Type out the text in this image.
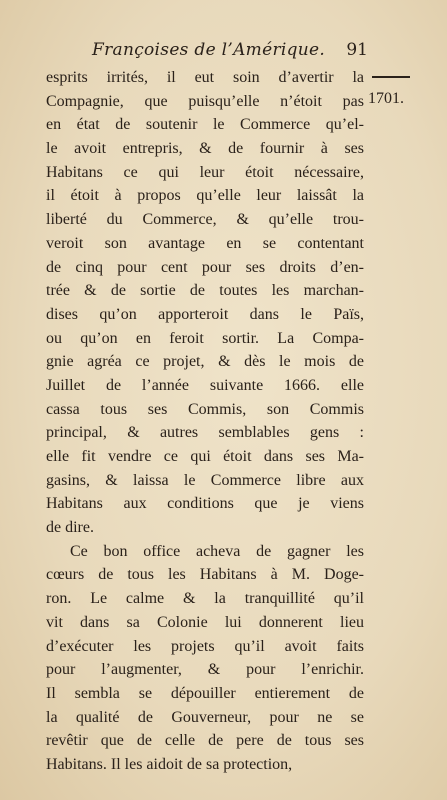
Françoises de l’Amérique. 91
1701.
esprits irrités, il eut soin d’avertir la
Compagnie, que puisqu’elle n’étoit pas
en état de soutenir le Commerce qu’el-
le avoit entrepris, & de fournir à ses
Habitans ce qui leur étoit nécessaire,
il étoit à propos qu’elle leur laissât la
liberté du Commerce, & qu’elle trou-
veroit son avantage en se contentant
de cinq pour cent pour ses droits d’en-
trée & de sortie de toutes les marchan-
dises qu’on apporteroit dans le Païs,
ou qu’on en feroit sortir. La Compa-
gnie agréa ce projet, & dès le mois de
Juillet de l’année suivante 1666. elle
cassa tous ses Commis, son Commis
principal, & autres semblables gens :
elle fit vendre ce qui étoit dans ses Ma-
gasins, & laissa le Commerce libre aux
Habitans aux conditions que je viens
de dire.
Ce bon office acheva de gagner les
cœurs de tous les Habitans à M. Doge-
ron. Le calme & la tranquillité qu’il
vit dans sa Colonie lui donnerent lieu
d’exécuter les projets qu’il avoit faits
pour l’augmenter, & pour l’enrichir.
Il sembla se dépouiller entierement de
la qualité de Gouverneur, pour ne se
revêtir que de celle de pere de tous ses
Habitans. Il les aidoit de sa protection,
